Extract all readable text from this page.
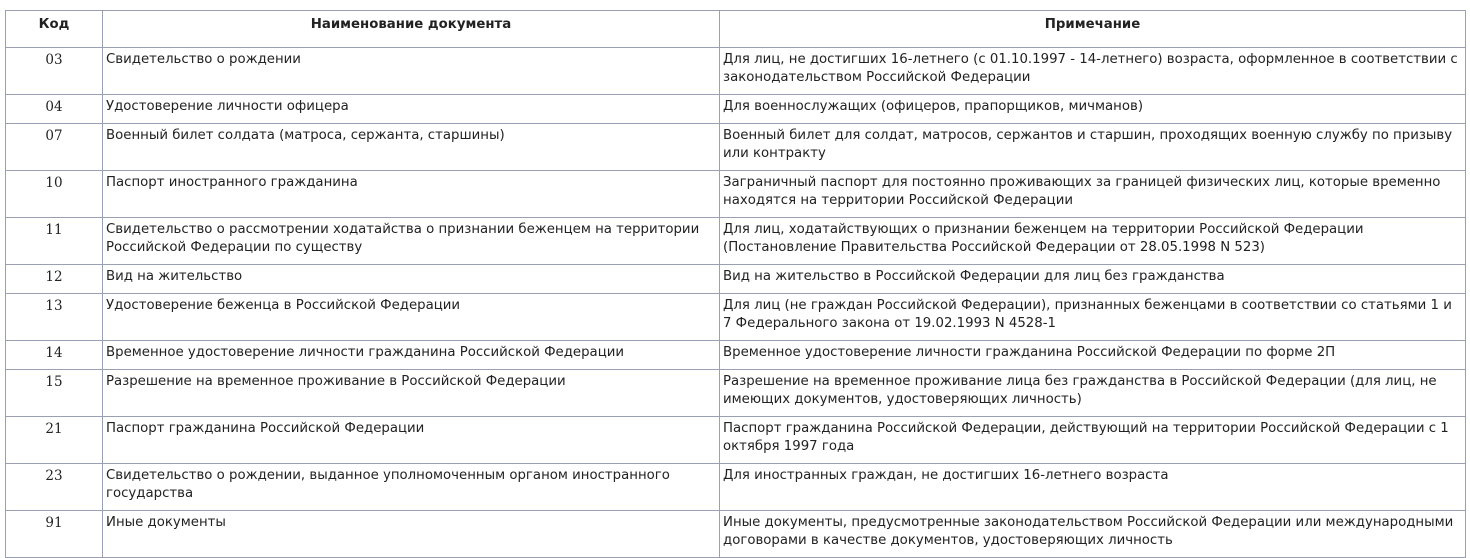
Код	Наименование документа	Примечание
03	Свидетельство о рождении	Для лиц, не достигших 16-летнего (с 01.10.1997 - 14-летнего) возраста, оформленное в соответствии с законодательством Российской Федерации
04	Удостоверение личности офицера	Для военнослужащих (офицеров, прапорщиков, мичманов)
07	Военный билет солдата (матроса, сержанта, старшины)	Военный билет для солдат, матросов, сержантов и старшин, проходящих военную службу по призыву или контракту
10	Паспорт иностранного гражданина	Заграничный паспорт для постоянно проживающих за границей физических лиц, которые временно находятся на территории Российской Федерации
11	Свидетельство о рассмотрении ходатайства о признании беженцем на территории Российской Федерации по существу	Для лиц, ходатайствующих о признании беженцем на территории Российской Федерации (Постановление Правительства Российской Федерации от 28.05.1998 N 523)
12	Вид на жительство	Вид на жительство в Российской Федерации для лиц без гражданства
13	Удостоверение беженца в Российской Федерации	Для лиц (не граждан Российской Федерации), признанных беженцами в соответствии со статьями 1 и 7 Федерального закона от 19.02.1993 N 4528-1
14	Временное удостоверение личности гражданина Российской Федерации	Временное удостоверение личности гражданина Российской Федерации по форме 2П
15	Разрешение на временное проживание в Российской Федерации	Разрешение на временное проживание лица без гражданства в Российской Федерации (для лиц, не имеющих документов, удостоверяющих личность)
21	Паспорт гражданина Российской Федерации	Паспорт гражданина Российской Федерации, действующий на территории Российской Федерации с 1 октября 1997 года
23	Свидетельство о рождении, выданное уполномоченным органом иностранного государства	Для иностранных граждан, не достигших 16-летнего возраста
91	Иные документы	Иные документы, предусмотренные законодательством Российской Федерации или международными договорами в качестве документов, удостоверяющих личность
